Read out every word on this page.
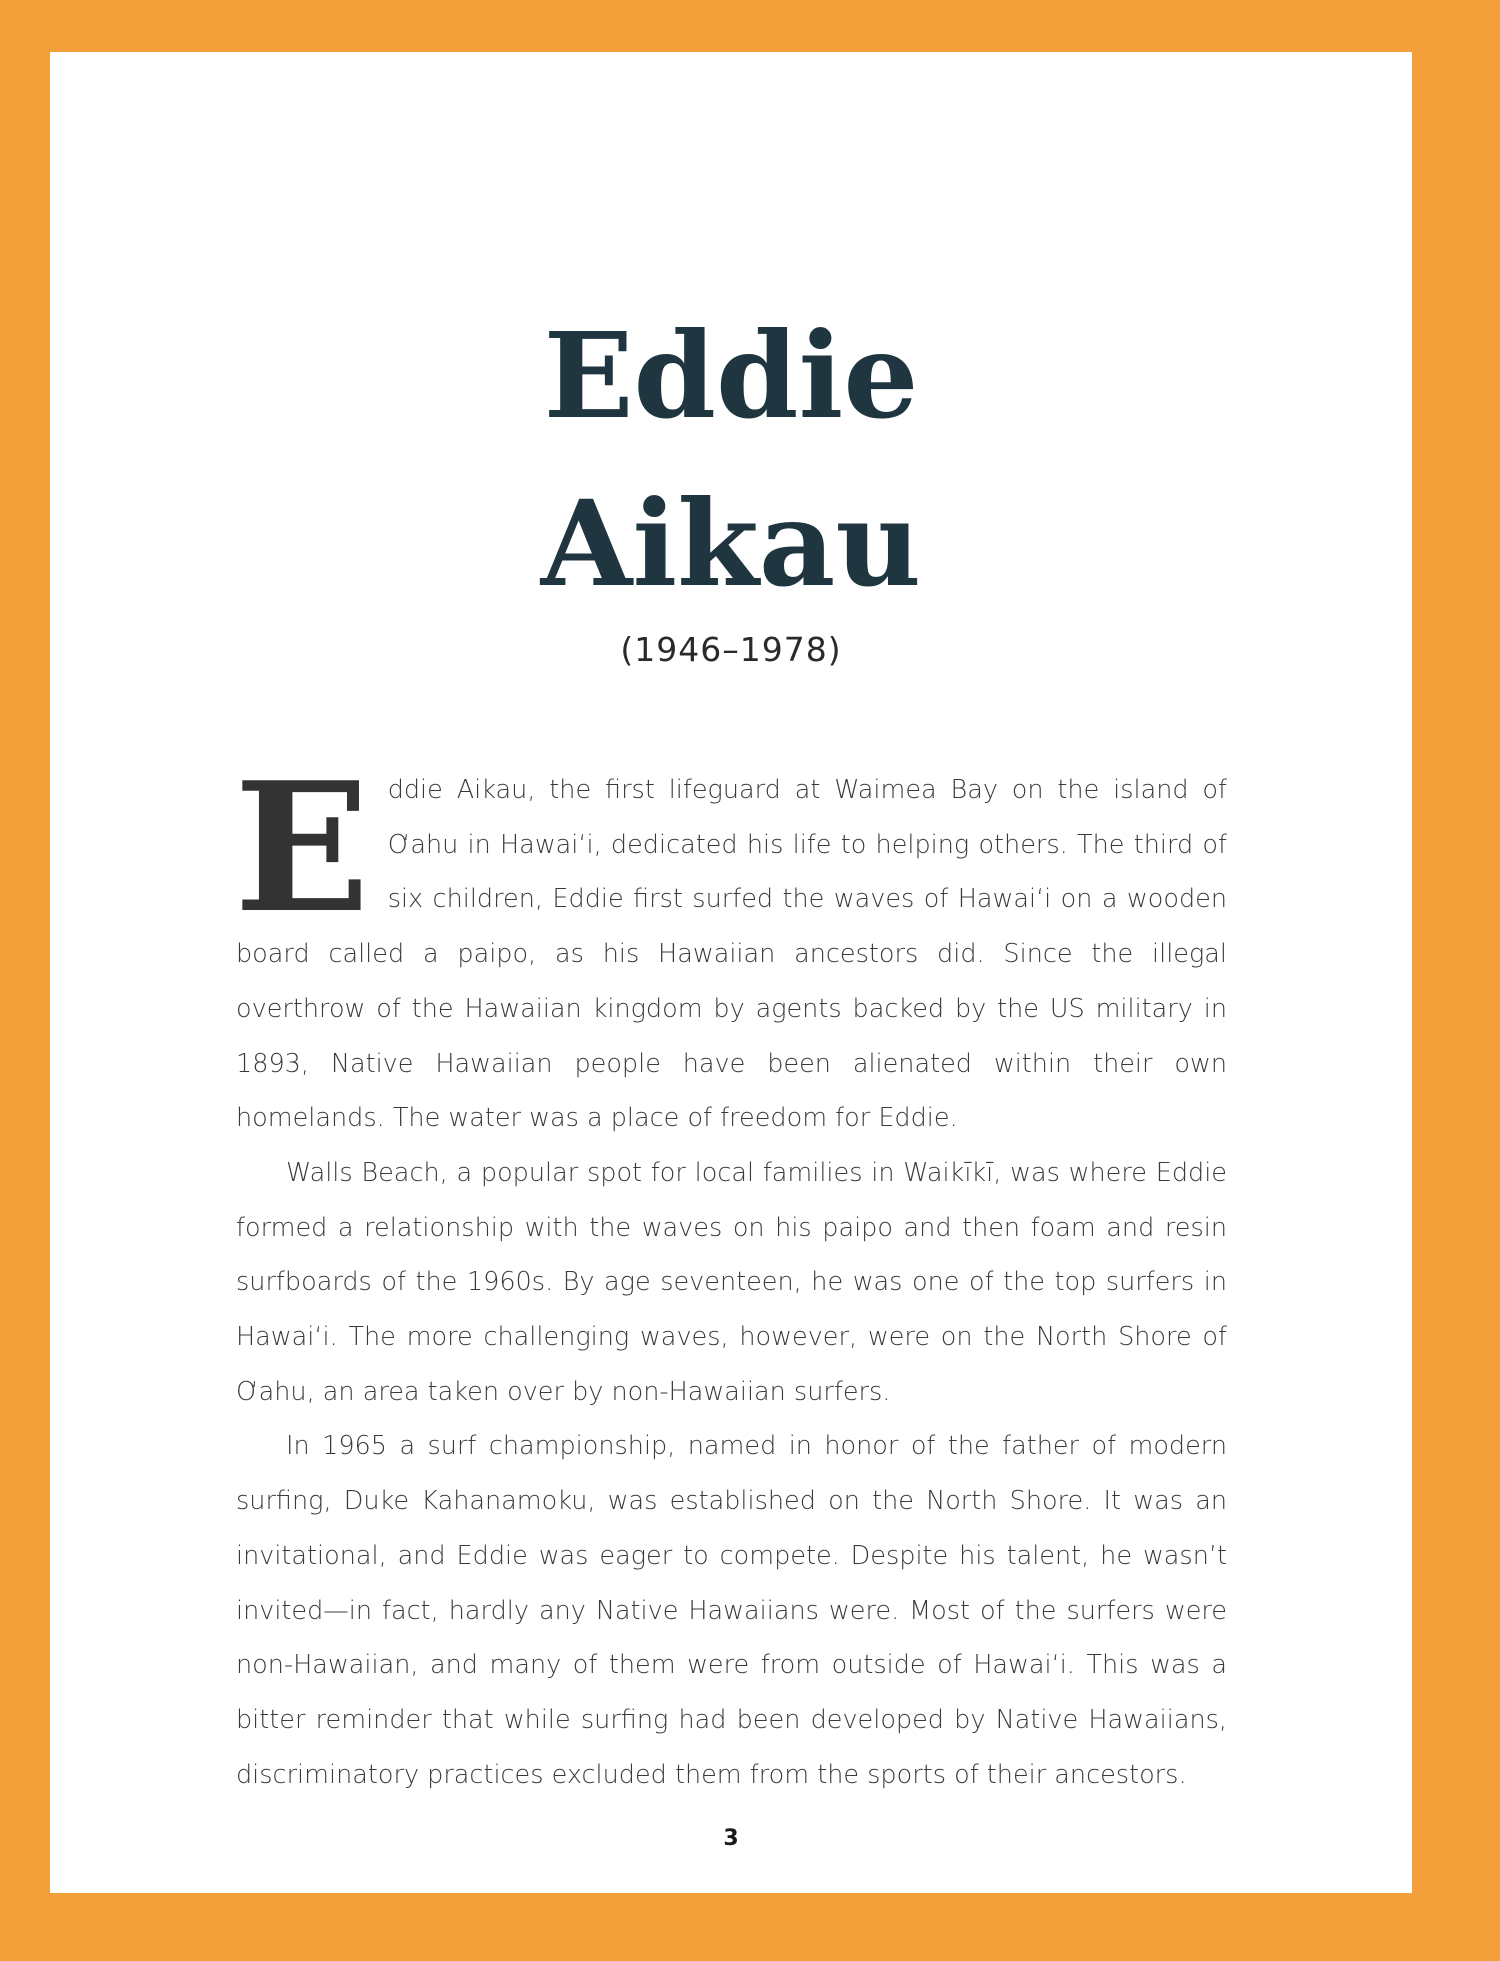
Eddie
Aikau
(1946–1978)

Eddie Aikau, the first lifeguard at Waimea Bay on the island of O‘ahu in Hawai‘i, dedicated his life to helping others. The third of six children, Eddie first surfed the waves of Hawai‘i on a wooden board called a paipo, as his Hawaiian ancestors did. Since the illegal overthrow of the Hawaiian kingdom by agents backed by the US military in 1893, Native Hawaiian people have been alienated within their own homelands. The water was a place of freedom for Eddie.

Walls Beach, a popular spot for local families in Waikīkī, was where Eddie formed a relationship with the waves on his paipo and then foam and resin surfboards of the 1960s. By age seventeen, he was one of the top surfers in Hawai‘i. The more challenging waves, however, were on the North Shore of O‘ahu, an area taken over by non-Hawaiian surfers.

In 1965 a surf championship, named in honor of the father of modern surfing, Duke Kahanamoku, was established on the North Shore. It was an invitational, and Eddie was eager to compete. Despite his talent, he wasn’t invited—in fact, hardly any Native Hawaiians were. Most of the surfers were non-Hawaiian, and many of them were from outside of Hawai‘i. This was a bitter reminder that while surfing had been developed by Native Hawaiians, discriminatory practices excluded them from the sports of their ancestors.

3
